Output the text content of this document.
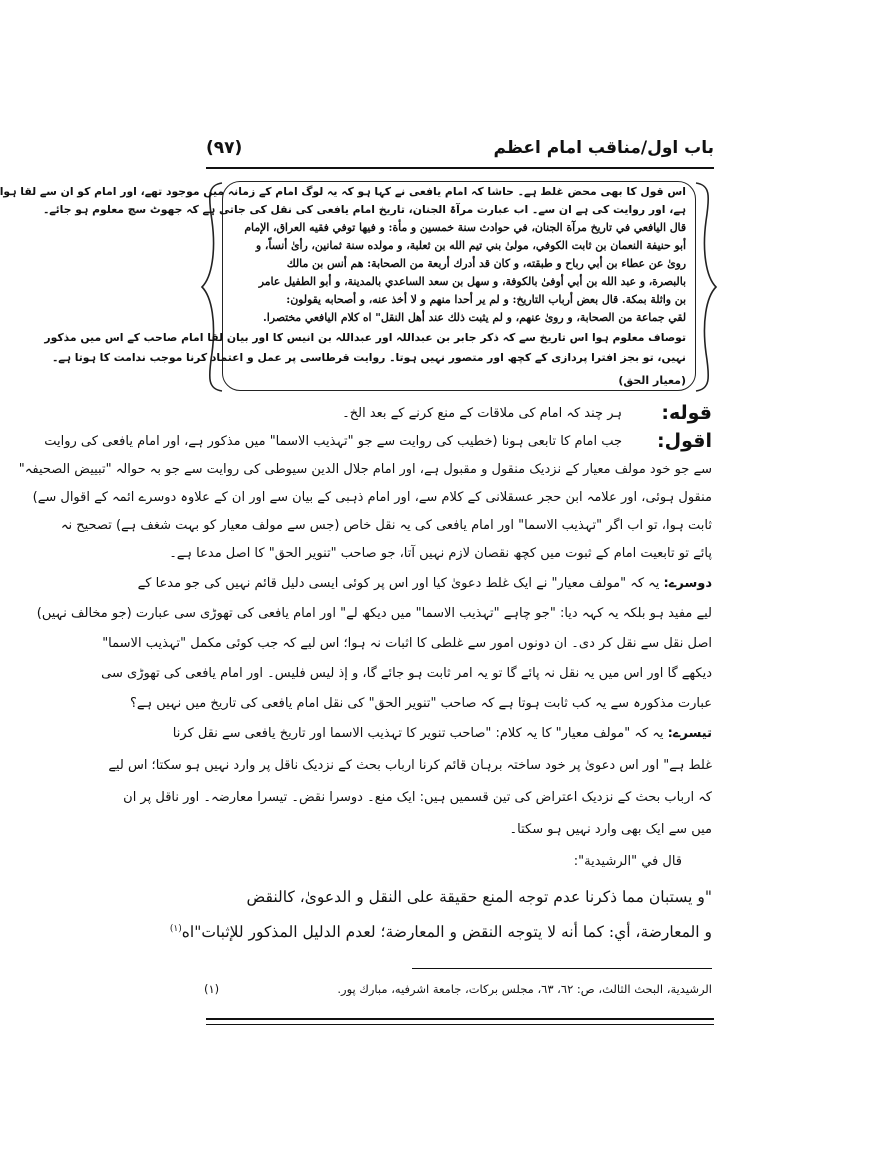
باب اول/مناقب امام اعظم
(۹۷)
اس قول کا بھی محض غلط ہے۔ حاشا کہ امام یافعی نے کہا ہو کہ یہ لوگ امام کے زمانہ میں موجود تھے، اور امام کو ان سے لقا ہوا
ہے، اور روایت کی ہے ان سے۔ اب عبارت مرآۃ الجنان، تاریخ امام یافعی کی نقل کی جاتی ہے کہ جھوٹ سچ معلوم ہو جائے۔
قال اليافعي في تاريخ مرآة الجنان، في حوادث سنة خمسين و مأة: و فيها توفي فقيه العراق، الإمام
أبو حنيفة النعمان بن ثابت الكوفي، مولىٰ بني تيم الله بن ثعلبة، و مولده سنة ثمانين، رأىٰ أنساً، و
روىٰ عن عطاء بن أبي رباح و طبقته، و كان قد أدرك أربعة من الصحابة: هم أنس بن مالك
بالبصرة، و عبد الله بن أبي أوفىٰ بالكوفة، و سهل بن سعد الساعدي بالمدينة، و أبو الطفيل عامر
بن واثلة بمكة. قال بعض أرباب التاريخ: و لم ير أحدا منهم و لا أخذ عنه، و أصحابه يقولون:
لقي جماعة من الصحابة، و روىٰ عنهم، و لم يثبت ذلك عند أهل النقل" اه كلام اليافعي مختصرا.
توصاف معلوم ہوا اس تاریخ سے کہ ذکر جابر بن عبداللہ اور عبداللہ بن انیس کا اور بیان لقا امام صاحب کے اس میں مذکور
نہیں، تو بجز افترا پردازی کے کچھ اور متصور نہیں ہوتا۔ روایت قرطاسی پر عمل و اعتماد کرنا موجب ندامت کا ہوتا ہے۔
(معیار الحق)
قوله:
ہر چند کہ امام کی ملاقات کے منع کرنے کے بعد الخ۔
اقول:
جب امام کا تابعی ہونا (خطیب کی روایت سے جو "تہذیب الاسما" میں مذکور ہے، اور امام یافعی کی روایت
سے جو خود مولف معیار کے نزدیک منقول و مقبول ہے، اور امام جلال الدین سیوطی کی روایت سے جو بہ حوالہ "تبییض الصحیفہ"
منقول ہوئی، اور علامہ ابن حجر عسقلانی کے کلام سے، اور امام ذہبی کے بیان سے اور ان کے علاوہ دوسرے ائمہ کے اقوال سے)
ثابت ہوا، تو اب اگر "تہذیب الاسما" اور امام یافعی کی یہ نقل خاص (جس سے مولف معیار کو بہت شغف ہے) تصحیح نہ
پائے تو تابعیت امام کے ثبوت میں کچھ نقصان لازم نہیں آتا، جو صاحب "تنویر الحق" کا اصل مدعا ہے۔
دوسرے: یہ کہ "مولف معیار" نے ایک غلط دعویٰ کیا اور اس پر کوئی ایسی دلیل قائم نہیں کی جو مدعا کے
لیے مفید ہو بلکہ یہ کہہ دیا: "جو چاہے "تہذیب الاسما" میں دیکھ لے" اور امام یافعی کی تھوڑی سی عبارت (جو مخالف نہیں)
اصل نقل سے نقل کر دی۔ ان دونوں امور سے غلطی کا اثبات نہ ہوا؛ اس لیے کہ جب کوئی مکمل "تہذیب الاسما"
دیکھے گا اور اس میں یہ نقل نہ پائے گا تو یہ امر ثابت ہو جائے گا، و إذ ليس فليس۔ اور امام یافعی کی تھوڑی سی
عبارت مذکورہ سے یہ کب ثابت ہوتا ہے کہ صاحب "تنویر الحق" کی نقل امام یافعی کی تاریخ میں نہیں ہے؟
تیسرے: یہ کہ "مولف معیار" کا یہ کلام: "صاحب تنویر کا تہذیب الاسما اور تاریخ یافعی سے نقل کرنا
غلط ہے" اور اس دعویٰ پر خود ساختہ برہان قائم کرنا ارباب بحث کے نزدیک ناقل پر وارد نہیں ہو سکتا؛ اس لیے
کہ ارباب بحث کے نزدیک اعتراض کی تین قسمیں ہیں: ایک منع۔ دوسرا نقض۔ تیسرا معارضہ۔ اور ناقل پر ان
میں سے ایک بھی وارد نہیں ہو سکتا۔
قال في "الرشيدية":
"و يستبان مما ذكرنا عدم توجه المنع حقيقة على النقل و الدعوىٰ، كالنقض
و المعارضة، أي: كما أنه لا يتوجه النقض و المعارضة؛ لعدم الدليل المذكور للإثبات"اه$^{(۱)}$
الرشيدية، البحث الثالث، ص: ٦٢، ٦٣، مجلس بركات، جامعة اشرفيه، مبارك پور.
(۱)
